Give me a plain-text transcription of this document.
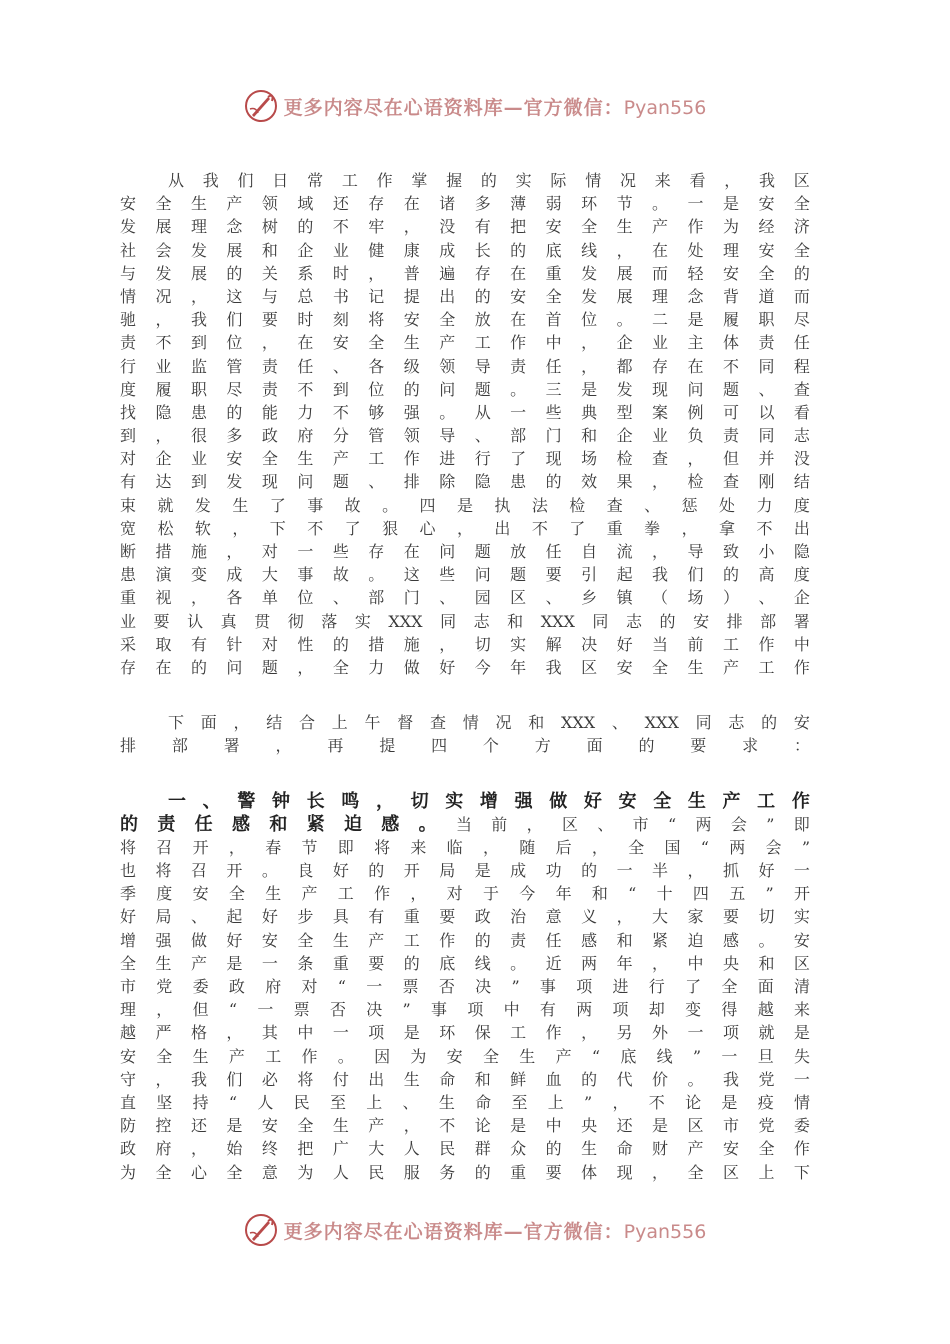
更多内容尽在心语资料库—官方微信：Pyan556
从 我 们 日 常 工 作 掌 握 的 实 际 情 况 来 看 ， 我 区
安 全 生 产 领 域 还 存 在 诸 多 薄 弱 环 节 。 一 是 安 全
发 展 理 念 树 的 不 牢 ， 没 有 把 安 全 生 产 作 为 经 济
社 会 发 展 和 企 业 健 康 成 长 的 底 线 ， 在 处 理 安 全
与 发 展 的 关 系 时 ， 普 遍 存 在 重 发 展 而 轻 安 全 的
情 况 ， 这 与 总 书 记 提 出 的 安 全 发 展 理 念 背 道 而
驰 ， 我 们 要 时 刻 将 安 全 放 在 首 位 。 二 是 履 职 尽
责 不 到 位 ， 在 安 全 生 产 工 作 中 ， 企 业 主 体 责 任
行 业 监 管 责 任 、 各 级 领 导 责 任 ， 都 存 在 不 同 程
度 履 职 尽 责 不 到 位 的 问 题 。 三 是 发 现 问 题 、 查
找 隐 患 的 能 力 不 够 强 。 从 一 些 典 型 案 例 可 以 看
到 ， 很 多 政 府 分 管 领 导 、 部 门 和 企 业 负 责 同 志
对 企 业 安 全 生 产 工 作 进 行 了 现 场 检 查 ， 但 并 没
有 达 到 发 现 问 题 、 排 除 隐 患 的 效 果 ， 检 查 刚 结
束 就 发 生 了 事 故 。 四 是 执 法 检 查 、 惩 处 力 度
宽 松 软 ， 下 不 了 狠 心 ， 出 不 了 重 拳 ， 拿 不 出
断 措 施 ， 对 一 些 存 在 问 题 放 任 自 流 ， 导 致 小 隐
患 演 变 成 大 事 故 。 这 些 问 题 要 引 起 我 们 的 高 度
重 视 ， 各 单 位 、 部 门 、 园 区 、 乡 镇 （ 场 ） 、 企
业 要 认 真 贯 彻 落 实 XXX 同 志 和 XXX 同 志 的 安 排 部 署
采 取 有 针 对 性 的 措 施 ， 切 实 解 决 好 当 前 工 作 中
存 在 的 问 题 ， 全 力 做 好 今 年 我 区 安 全 生 产 工 作
下 面 ， 结 合 上 午 督 查 情 况 和 XXX 、 XXX 同 志 的 安
排 部 署 ， 再 提 四 个 方 面 的 要 求 ：
一 、 警 钟 长 鸣 ， 切 实 增 强 做 好 安 全 生 产 工 作
的 责 任 感 和 紧 迫 感 。 当 前 ， 区 、 市 “ 两 会 ” 即
将 召 开 ， 春 节 即 将 来 临 ， 随 后 ， 全 国 “ 两 会 ”
也 将 召 开 。 良 好 的 开 局 是 成 功 的 一 半 ， 抓 好 一
季 度 安 全 生 产 工 作 ， 对 于 今 年 和 “ 十 四 五 ” 开
好 局 、 起 好 步 具 有 重 要 政 治 意 义 ， 大 家 要 切 实
增 强 做 好 安 全 生 产 工 作 的 责 任 感 和 紧 迫 感 。 安
全 生 产 是 一 条 重 要 的 底 线 。 近 两 年 ， 中 央 和 区
市 党 委 政 府 对 “ 一 票 否 决 ” 事 项 进 行 了 全 面 清
理 ， 但 “ 一 票 否 决 ” 事 项 中 有 两 项 却 变 得 越 来
越 严 格 ， 其 中 一 项 是 环 保 工 作 ， 另 外 一 项 就 是
安 全 生 产 工 作 。 因 为 安 全 生 产 “ 底 线 ” 一 旦 失
守 ， 我 们 必 将 付 出 生 命 和 鲜 血 的 代 价 。 我 党 一
直 坚 持 “ 人 民 至 上 、 生 命 至 上 ” ， 不 论 是 疫 情
防 控 还 是 安 全 生 产 ， 不 论 是 中 央 还 是 区 市 党 委
政 府 ， 始 终 把 广 大 人 民 群 众 的 生 命 财 产 安 全 作
为 全 心 全 意 为 人 民 服 务 的 重 要 体 现 ， 全 区 上 下
更多内容尽在心语资料库—官方微信：Pyan556
